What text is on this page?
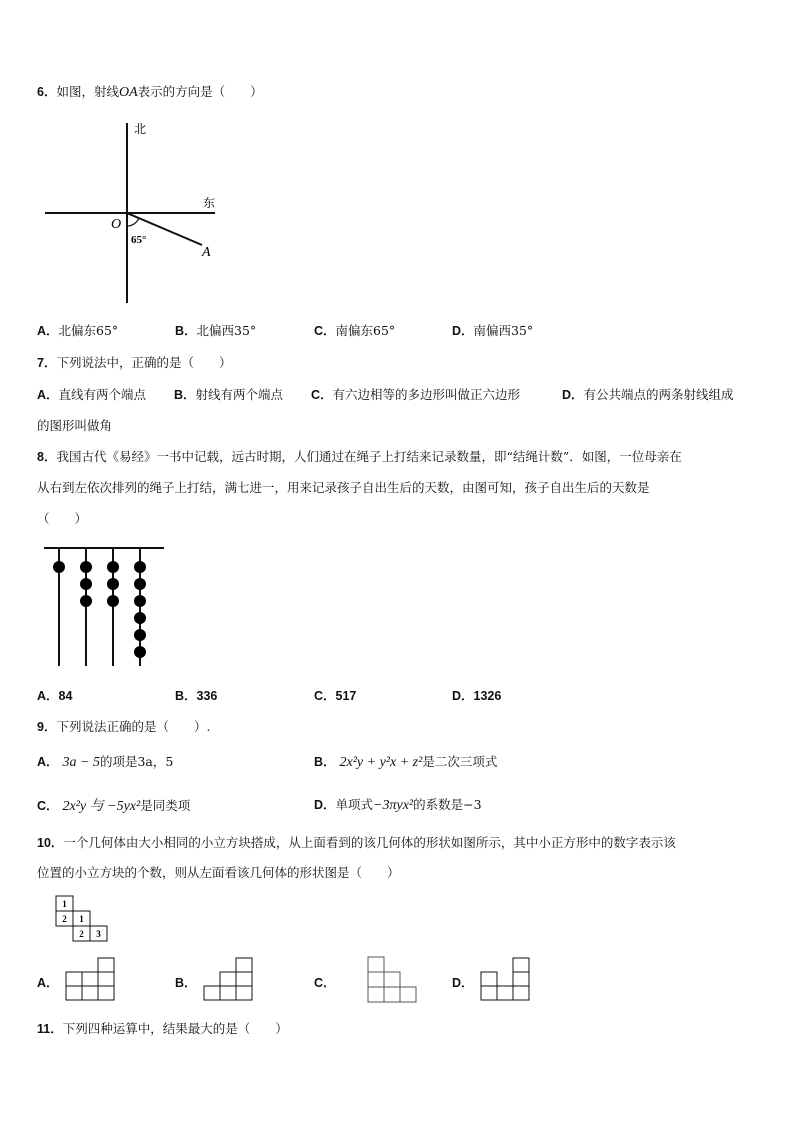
6．如图，射线OA表示的方向是（　　）
北
东
O
A
65°
A．北偏东65°	B．北偏西35°	C．南偏东65°	D．南偏西35°
7．下列说法中，正确的是（　　）
A．直线有两个端点 B．射线有两个端点 C．有六边相等的多边形叫做正六边形	D．有公共端点的两条射线组成
的图形叫做角
8．我国古代《易经》一书中记载，远古时期，人们通过在绳子上打结来记录数量，即“结绳计数”．如图，一位母亲在
从右到左依次排列的绳子上打结，满七进一，用来记录孩子自出生后的天数，由图可知，孩子自出生后的天数是
（　　）
A．84	B．336	C．517	D．1326
9．下列说法正确的是（　　）.
A． 3a − 5的项是3a，5	B． 2x²y + y²x + z²是二次三项式
C． 2x²y 与 −5yx²是同类项	D．单项式−3πyx²的系数是−3
10．一个几何体由大小相同的小立方块搭成，从上面看到的该几何体的形状如图所示，其中小正方形中的数字表示该
位置的小立方块的个数，则从左面看该几何体的形状图是（　　）
1
2 1
2 3
A．	B．	C．	D．
11．下列四种运算中，结果最大的是（　　）
